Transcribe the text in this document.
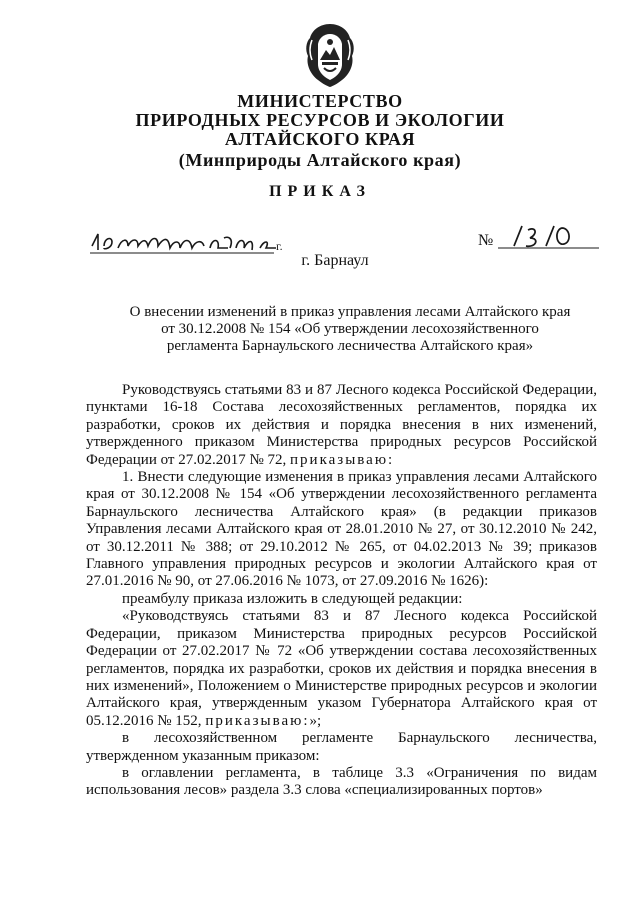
МИНИСТЕРСТВО
ПРИРОДНЫХ РЕСУРСОВ И ЭКОЛОГИИ
АЛТАЙСКОГО КРАЯ
(Минприроды Алтайского края)
ПРИКАЗ
г.	№
г. Барнаул
О внесении изменений в приказ управления лесами Алтайского края
от 30.12.2008 № 154 «Об утверждении лесохозяйственного
регламента Барнаульского лесничества Алтайского края»

Руководствуясь статьями 83 и 87 Лесного кодекса Российской Федерации, пунктами 16-18 Состава лесохозяйственных регламентов, порядка их разработки, сроков их действия и порядка внесения в них изменений, утвержденного приказом Министерства природных ресурсов Российской Федерации от 27.02.2017 № 72, приказываю:

1. Внести следующие изменения в приказ управления лесами Алтайского края от 30.12.2008 № 154 «Об утверждении лесохозяйственного регламента Барнаульского лесничества Алтайского края» (в редакции приказов Управления лесами Алтайского края от 28.01.2010 № 27, от 30.12.2010 № 242, от 30.12.2011 № 388; от 29.10.2012 № 265, от 04.02.2013 № 39; приказов Главного управления природных ресурсов и экологии Алтайского края от 27.01.2016 № 90, от 27.06.2016 № 1073, от 27.09.2016 № 1626):

преамбулу приказа изложить в следующей редакции:

«Руководствуясь статьями 83 и 87 Лесного кодекса Российской Федерации, приказом Министерства природных ресурсов Российской Федерации от 27.02.2017 № 72 «Об утверждении состава лесохозяйственных регламентов, порядка их разработки, сроков их действия и порядка внесения в них изменений», Положением о Министерстве природных ресурсов и экологии Алтайского края, утвержденным указом Губернатора Алтайского края от 05.12.2016 № 152, приказываю:»;

в лесохозяйственном регламенте Барнаульского лесничества, утвержденном указанным приказом:

в оглавлении регламента, в таблице 3.3 «Ограничения по видам использования лесов» раздела 3.3 слова «специализированных портов»
